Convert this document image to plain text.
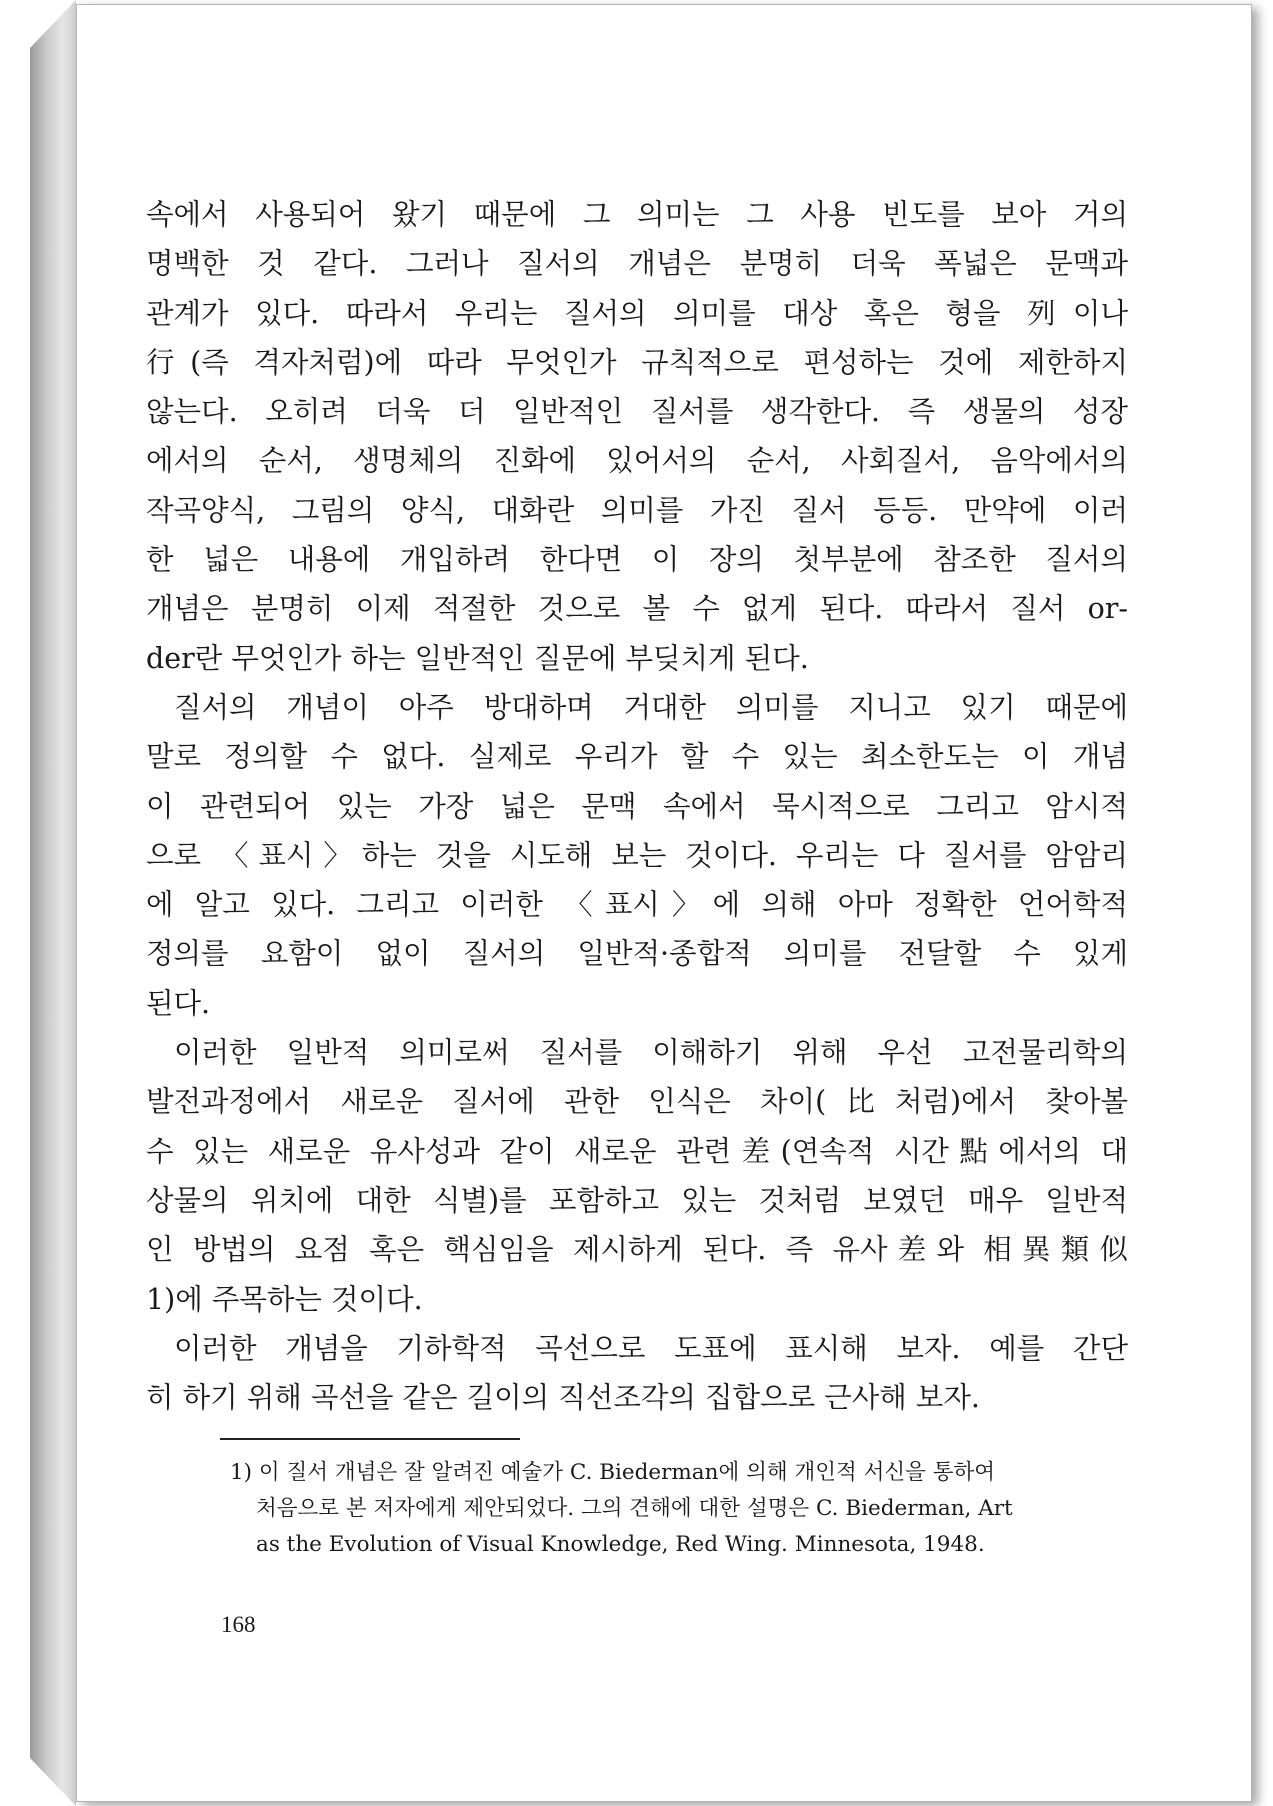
속에서 사용되어 왔기 때문에 그 의미는 그 사용 빈도를 보아 거의
명백한 것 같다. 그러나 질서의 개념은 분명히 더욱 폭넓은 문맥과
관계가 있다. 따라서 우리는 질서의 의미를 대상 혹은 형을 列이나
行(즉 격자처럼)에 따라 무엇인가 규칙적으로 편성하는 것에 제한하지
않는다. 오히려 더욱 더 일반적인 질서를 생각한다. 즉 생물의 성장
에서의 순서, 생명체의 진화에 있어서의 순서, 사회질서, 음악에서의
작곡양식, 그림의 양식, 대화란 의미를 가진 질서 등등. 만약에 이러
한 넓은 내용에 개입하려 한다면 이 장의 첫부분에 참조한 질서의
개념은 분명히 이제 적절한 것으로 볼 수 없게 된다. 따라서 질서 or-
der란 무엇인가 하는 일반적인 질문에 부딪치게 된다.
질서의 개념이 아주 방대하며 거대한 의미를 지니고 있기 때문에
말로 정의할 수 없다. 실제로 우리가 할 수 있는 최소한도는 이 개념
이 관련되어 있는 가장 넓은 문맥 속에서 묵시적으로 그리고 암시적
으로 〈표시〉하는 것을 시도해 보는 것이다. 우리는 다 질서를 암암리
에 알고 있다. 그리고 이러한 〈표시〉에 의해 아마 정확한 언어학적
정의를 요함이 없이 질서의 일반적·종합적 의미를 전달할 수 있게
된다.
이러한 일반적 의미로써 질서를 이해하기 위해 우선 고전물리학의
발전과정에서 새로운 질서에 관한 인식은 차이(比처럼)에서 찾아볼
수 있는 새로운 유사성과 같이 새로운 관련差(연속적 시간點에서의 대
상물의 위치에 대한 식별)를 포함하고 있는 것처럼 보였던 매우 일반적
인 방법의 요점 혹은 핵심임을 제시하게 된다. 즉 유사差와 相異類似
1)에 주목하는 것이다.
이러한 개념을 기하학적 곡선으로 도표에 표시해 보자. 예를 간단
히 하기 위해 곡선을 같은 길이의 직선조각의 집합으로 근사해 보자.
1) 이 질서 개념은 잘 알려진 예술가 C. Biederman에 의해 개인적 서신을 통하여
처음으로 본 저자에게 제안되었다. 그의 견해에 대한 설명은 C. Biederman, Art
as the Evolution of Visual Knowledge, Red Wing. Minnesota, 1948.
168
